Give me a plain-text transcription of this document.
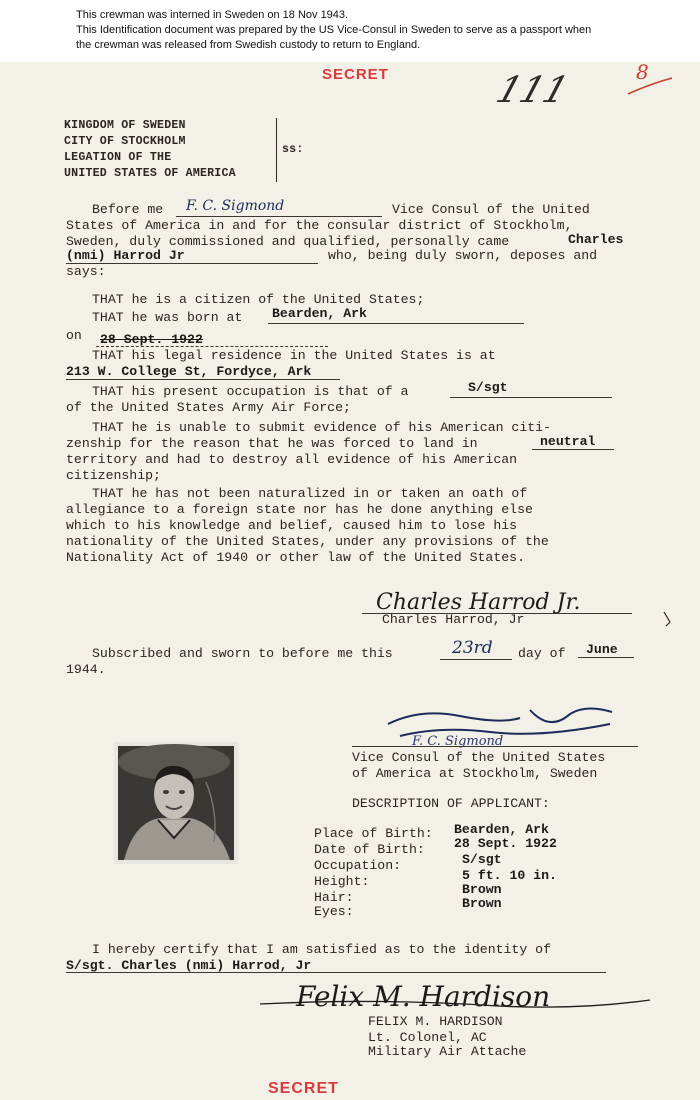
This crewman was interned in Sweden on 18 Nov 1943.
This Identification document was prepared by the US Vice-Consul in Sweden to serve as a passport when
the crewman was released from Swedish custody to return to England.
SECRET	111	8
KINGDOM OF SWEDEN
CITY OF STOCKHOLM
LEGATION OF THE
UNITED STATES OF AMERICA
ss:
Before me F. C. Sigmond	Vice Consul of the United
States of America in and for the consular district of Stockholm,
Sweden, duly commissioned and qualified, personally came	Charles
(nmi) Harrod Jr	who, being duly sworn, deposes and
says:
THAT he is a citizen of the United States;
THAT he was born at Bearden, Ark
on 28 Sept. 1922
THAT his legal residence in the United States is at
213 W. College St, Fordyce, Ark
THAT his present occupation is that of a	S/sgt
of the United States Army Air Force;
THAT he is unable to submit evidence of his American citi-
zenship for the reason that he was forced to land in	neutral
territory and had to destroy all evidence of his American
citizenship;
THAT he has not been naturalized in or taken an oath of
allegiance to a foreign state nor has he done anything else
which to his knowledge and belief, caused him to lose his
nationality of the United States, under any provisions of the
Nationality Act of 1940 or other law of the United States.
Charles Harrod Jr.
Charles Harrod, Jr
Subscribed and sworn to before me this	23rd day of June
1944.
F. C. Sigmond
Vice Consul of the United States
of America at Stockholm, Sweden
DESCRIPTION OF APPLICANT:
Place of Birth: Bearden, Ark
Date of Birth: 28 Sept. 1922
Occupation:	S/sgt
Height:	5 ft. 10 in.
Hair:
Brown
Eyes:
Brown
I hereby certify that I am satisfied as to the identity of
S/sgt. Charles (nmi) Harrod, Jr
Felix M. Hardison
FELIX M. HARDISON
Lt. Colonel, AC
Military Air Attache
SECRET
